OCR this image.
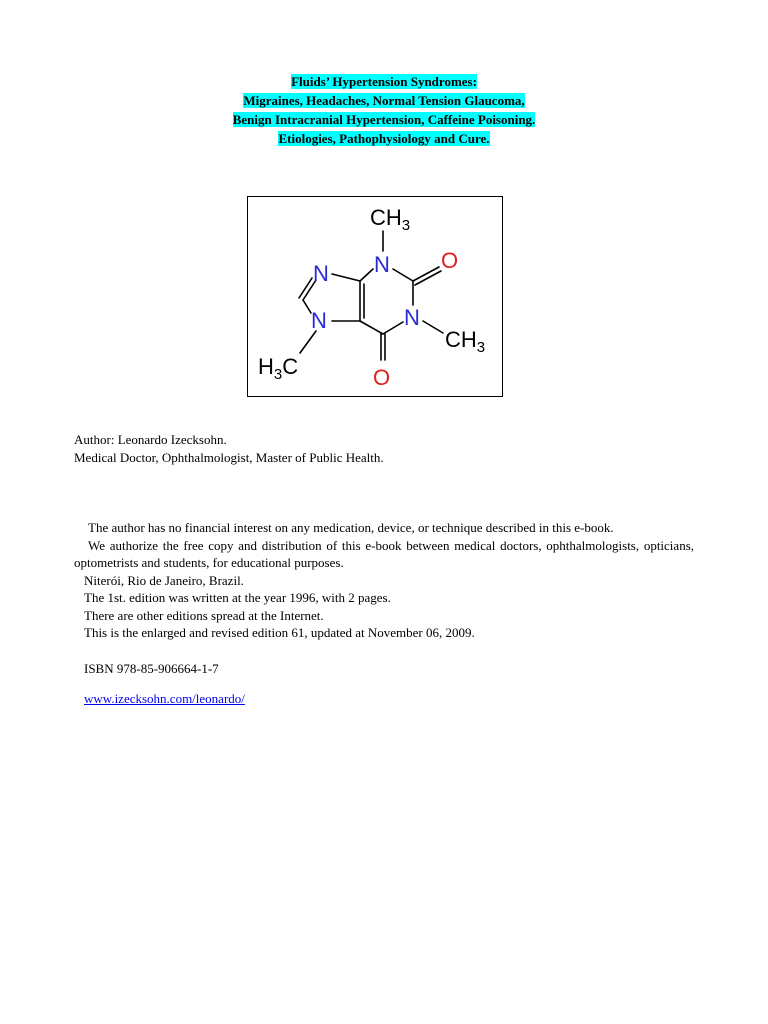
Fluids’ Hypertension Syndromes:
Migraines, Headaches, Normal Tension Glaucoma,
Benign Intracranial Hypertension, Caffeine Poisoning.
Etiologies, Pathophysiology and Cure.
$CH_3$
N O
N
$CH_3$
O
N
N
$H_3C$
Author: Leonardo Izecksohn.
Medical Doctor, Ophthalmologist, Master of Public Health.
The author has no financial interest on any medication, device, or technique described in this e-book.
We authorize the free copy and distribution of this e-book between medical doctors, ophthalmologists, opticians, optometrists and students, for educational purposes.
Niterói, Rio de Janeiro, Brazil.
The 1st. edition was written at the year 1996, with 2 pages.
There are other editions spread at the Internet.
This is the enlarged and revised edition 61, updated at November 06, 2009.
ISBN 978-85-906664-1-7
www.izecksohn.com/leonardo/
